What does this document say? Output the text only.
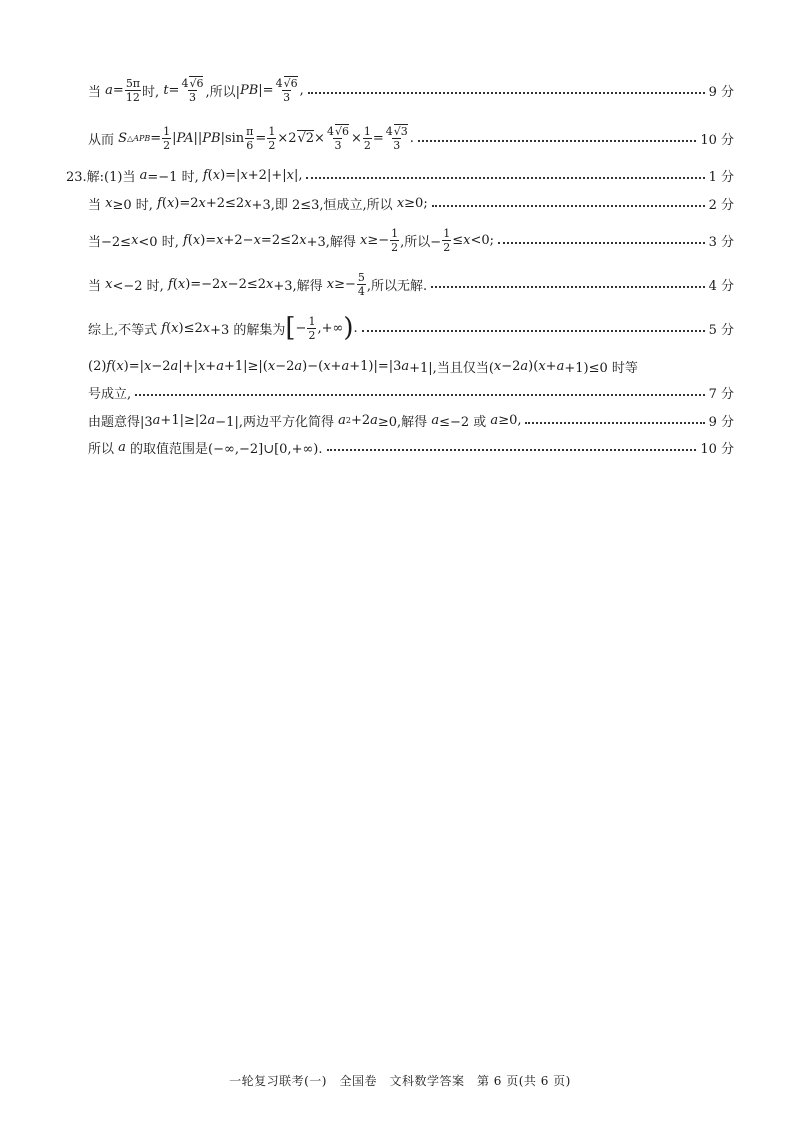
当 $a = \frac{5\pi}{12}$ 时, $t = \frac{4√6}{3}$ ,所以| PB |= $\frac{4√6}{3}$ ,	9 分
从而 S △APB = $\frac{1}{2}$ | PA || PB $|\sin \frac{\pi}{6} = \frac{1}{2} \times 2$ $√2 \times \frac{4√6}{3} \times \frac{1}{2} = \frac{4√3}{3}$ .	10 分
23.解:(1)当 a =−1 时, f ( x )=| x +2|+| x |,	1 分
当 x ≥0 时, f ( x )=2 x +2≤2 x +3,即 2≤3,恒成立,所以 x ≥0;	2 分
当−2≤ x <0 时, f ( x )= x +2− x =2≤2 x +3,解得 $x \ge- \frac{1}{2}$ ,所以− $\frac{1}{2} \le x <0$;	3 分
当 x <−2 时, f ( x )=−2 x −2≤2 x +3,解得 $x \ge- \frac{5}{4}$ ,所以无解.	4 分
综上,不等式 f ( x )≤2 x +3 的解集为 [ − $\frac{1}{2}$ ,+∞ ) .	5 分
(2) f ( x )=| x −2 a |+| x + a +1|≥|( x −2 a )−( x + a +1)|=|3 a +1|,当且仅当( x −2 a )( x + a +1)≤0 时等
号成立,	7 分
由题意得|3 a +1|≥|2 a −1|,两边平方化简得 a 2 +2 a ≥0,解得 a ≤−2 或 a ≥0,	9 分
所以 a 的取值范围是(−∞,−2]∪[0,+∞).	10 分
一轮复习联考(一)　全国卷　文科数学答案　第 6 页(共 6 页)
